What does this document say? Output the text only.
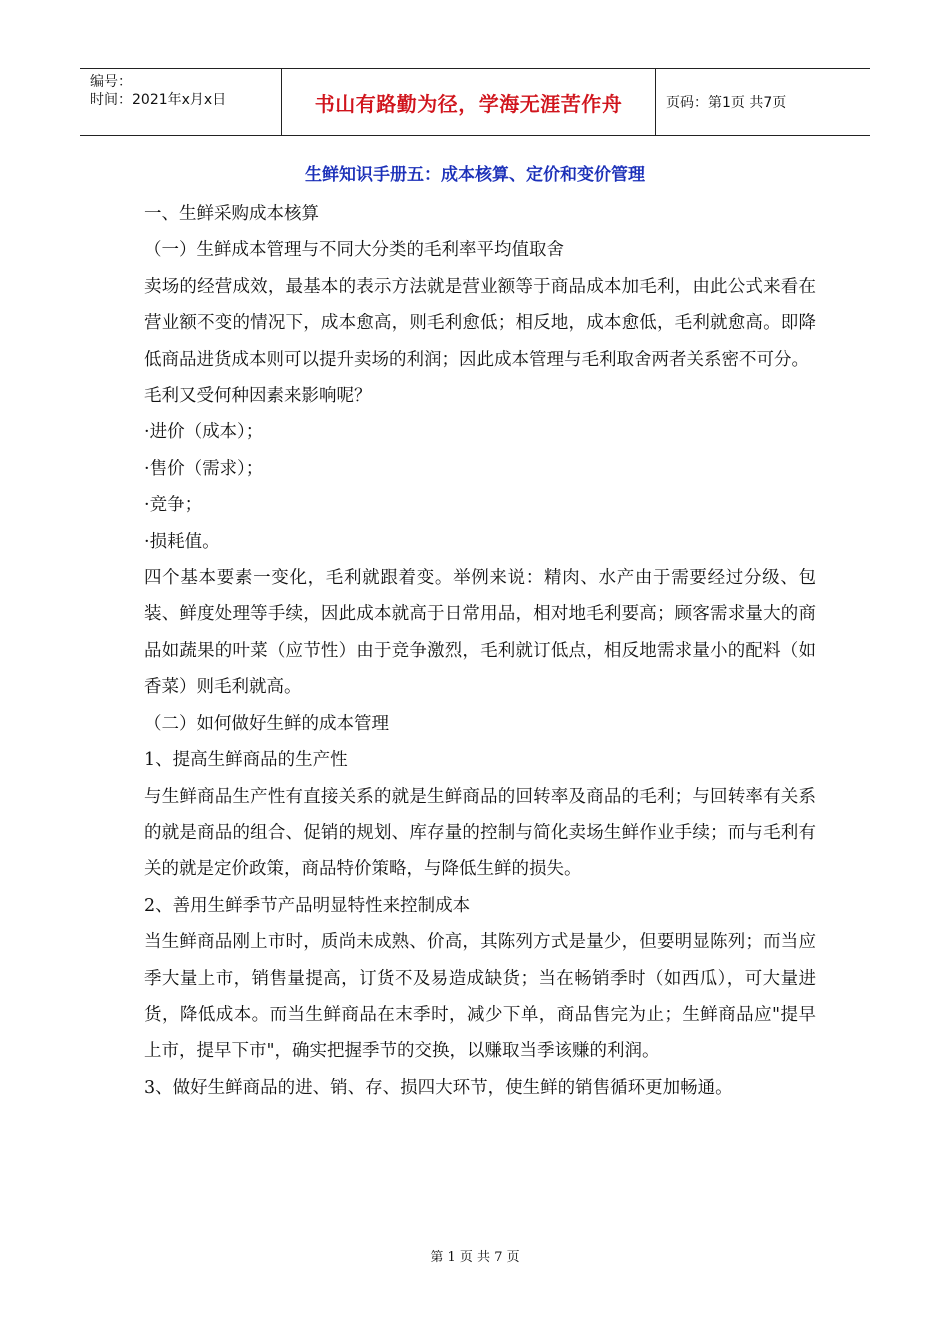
编号：
时间：2021年x月x日	书山有路勤为径，学海无涯苦作舟	页码：第1页 共7页
生鲜知识手册五：成本核算、定价和变价管理

一、生鲜采购成本核算

（一）生鲜成本管理与不同大分类的毛利率平均值取舍

卖场的经营成效，最基本的表示方法就是营业额等于商品成本加毛利，由此公式来看在营业额不变的情况下，成本愈高，则毛利愈低；相反地，成本愈低，毛利就愈高。即降低商品进货成本则可以提升卖场的利润；因此成本管理与毛利取舍两者关系密不可分。

毛利又受何种因素来影响呢？

·进价（成本）；

·售价（需求）；

·竞争；

·损耗值。

四个基本要素一变化，毛利就跟着变。举例来说：精肉、水产由于需要经过分级、包装、鲜度处理等手续，因此成本就高于日常用品，相对地毛利要高；顾客需求量大的商品如蔬果的叶菜（应节性）由于竞争激烈，毛利就订低点，相反地需求量小的配料（如香菜）则毛利就高。

（二）如何做好生鲜的成本管理

1、提高生鲜商品的生产性

与生鲜商品生产性有直接关系的就是生鲜商品的回转率及商品的毛利；与回转率有关系的就是商品的组合、促销的规划、库存量的控制与简化卖场生鲜作业手续；而与毛利有关的就是定价政策，商品特价策略，与降低生鲜的损失。

2、善用生鲜季节产品明显特性来控制成本

当生鲜商品刚上市时，质尚未成熟、价高，其陈列方式是量少，但要明显陈列；而当应季大量上市，销售量提高，订货不及易造成缺货；当在畅销季时（如西瓜），可大量进货，降低成本。而当生鲜商品在末季时，减少下单，商品售完为止；生鲜商品应"提早上市，提早下市"，确实把握季节的交换，以赚取当季该赚的利润。

3、做好生鲜商品的进、销、存、损四大环节，使生鲜的销售循环更加畅通。

第 1 页 共 7 页
